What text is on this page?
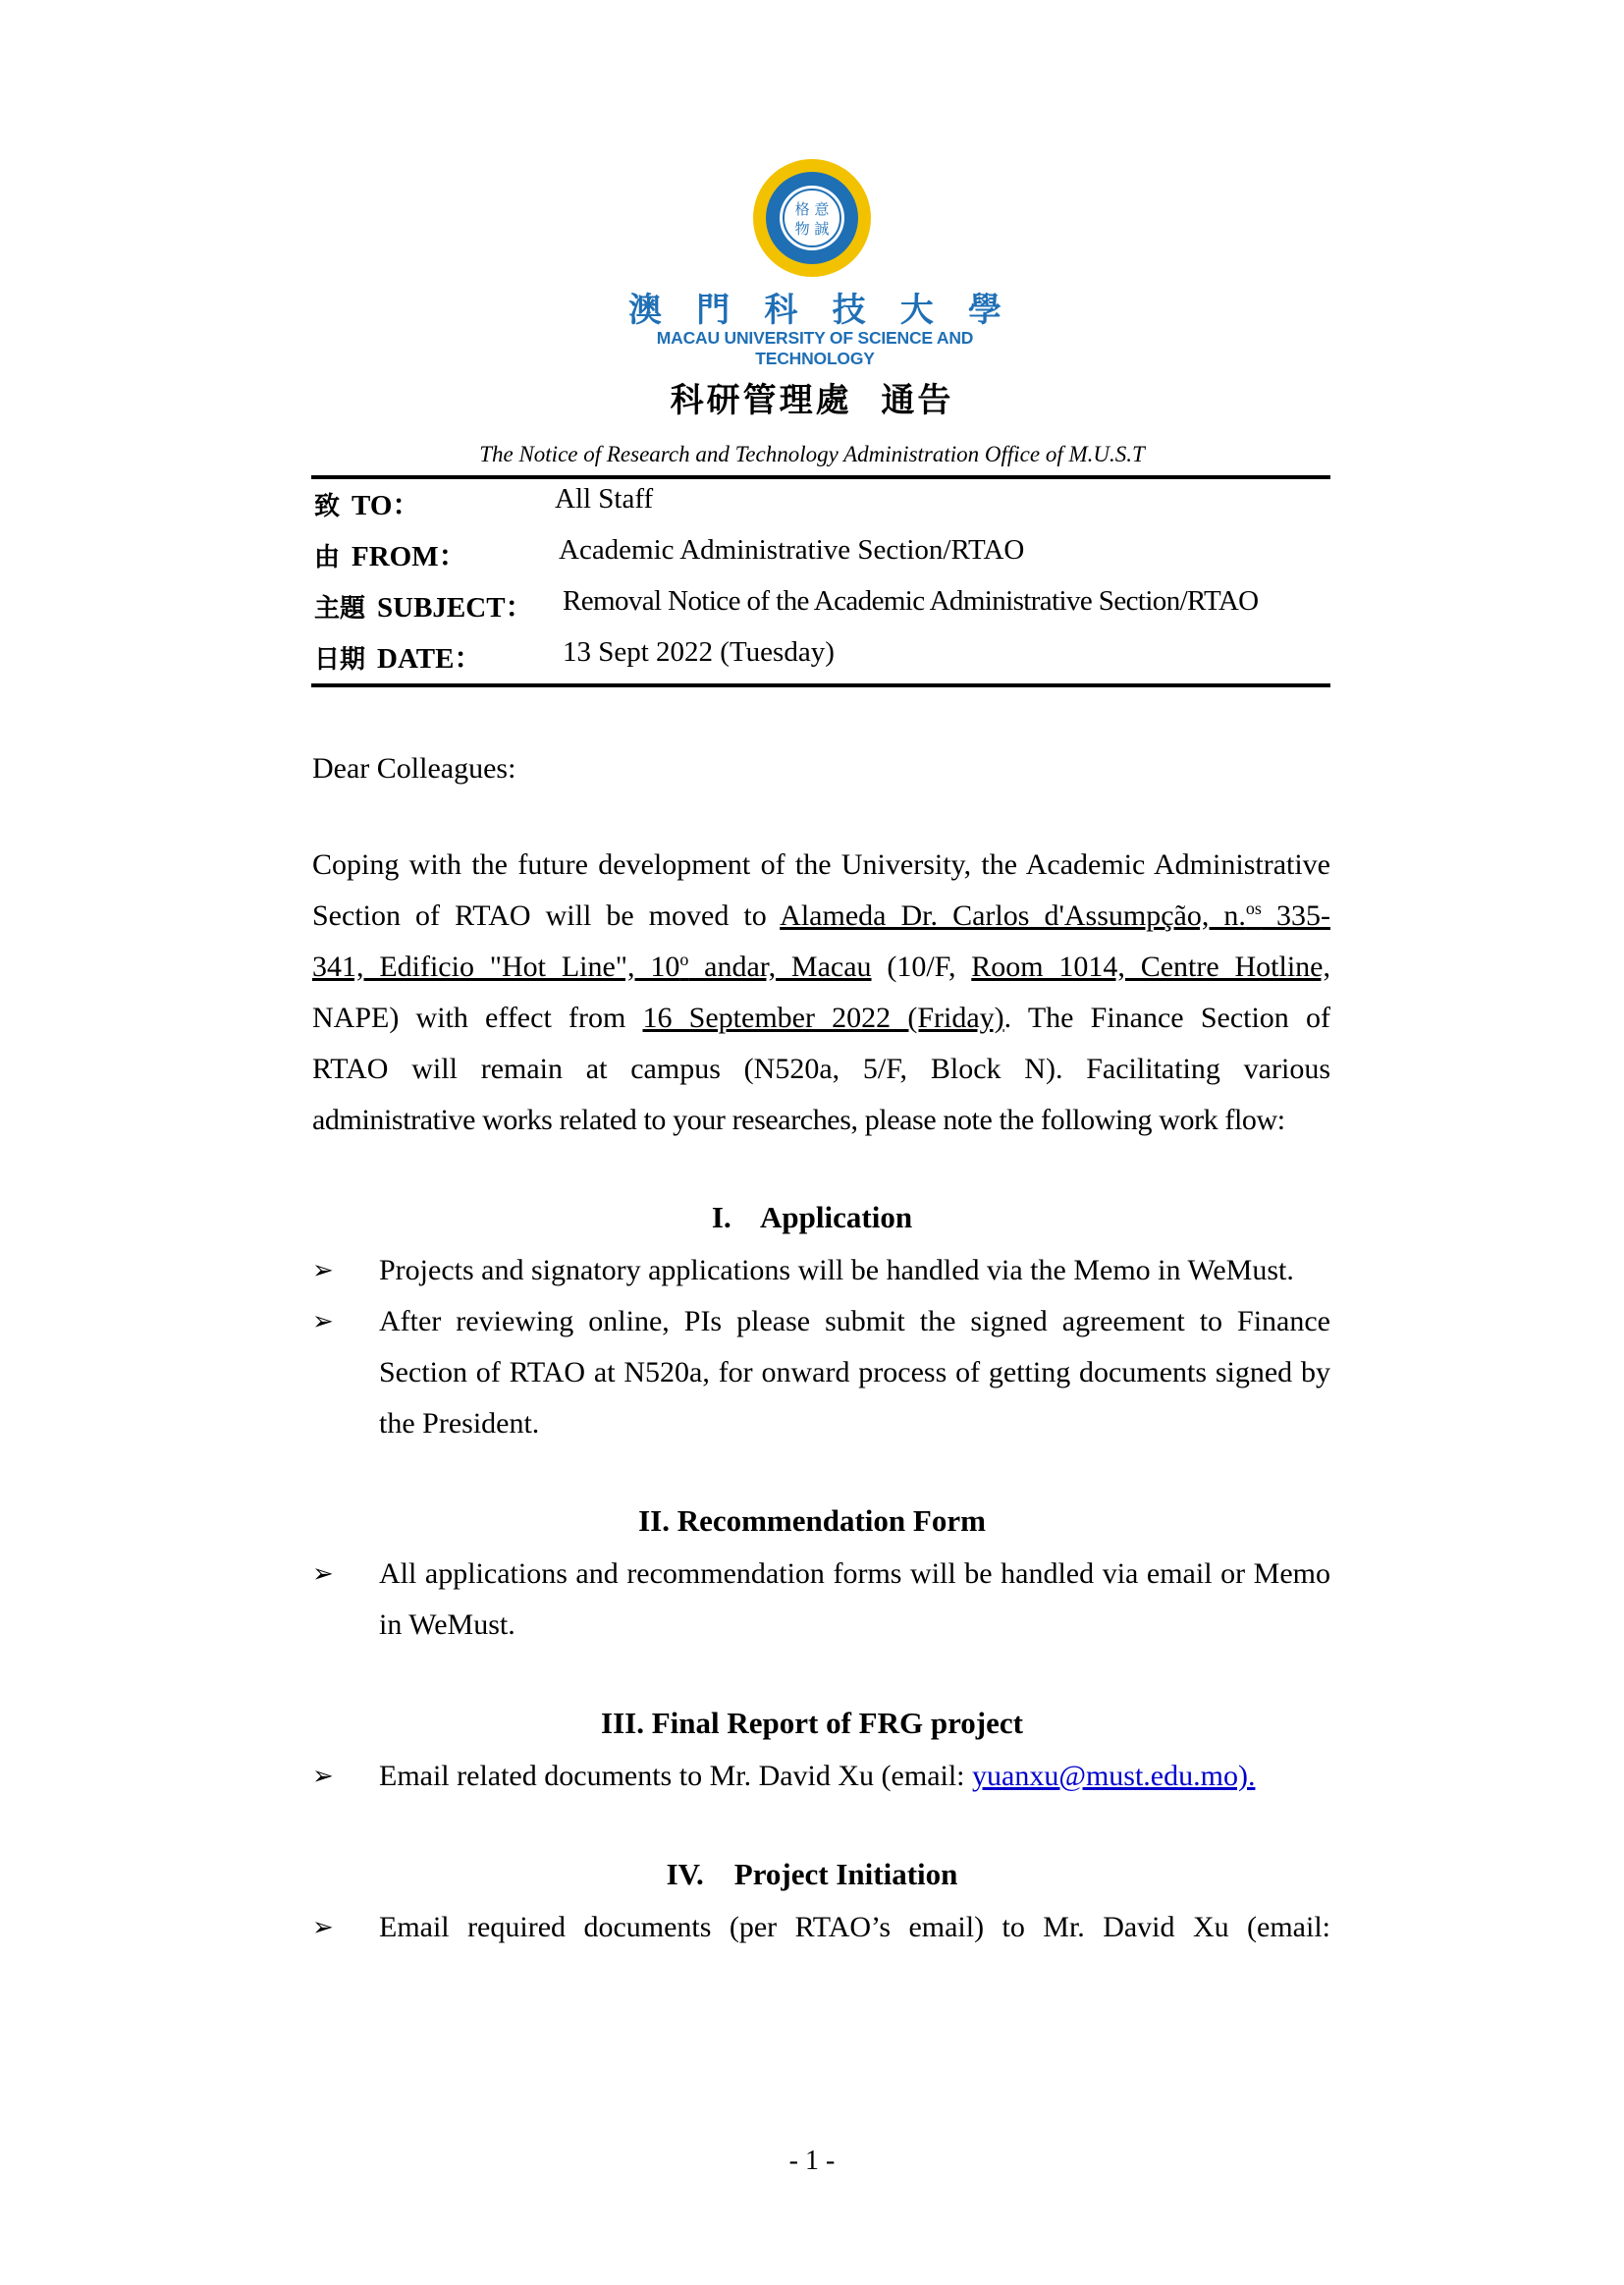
格 意
物 誠
澳 門 科 技 大 學
MACAU UNIVERSITY OF SCIENCE AND TECHNOLOGY
科研管理處  通告
The Notice of Research and Technology Administration Office of M.U.S.T
致 TO：	All Staff
由 FROM：	Academic Administrative Section/RTAO
主題 SUBJECT： Removal Notice of the Academic Administrative Section/RTAO
日期 DATE：	13 Sept 2022 (Tuesday)
Dear Colleagues:
Coping with the future development of the University, the Academic Administrative
Section of RTAO will be moved to Alameda Dr. Carlos d'Assumpção, n.$^{os}$ 335-
341, Edificio "Hot Line", 10$^o$ andar, Macau (10/F, Room 1014, Centre Hotline,
NAPE) with effect from 16 September 2022 (Friday). The Finance Section of
RTAO will remain at campus (N520a, 5/F, Block N). Facilitating various
administrative works related to your researches, please note the following work flow:
I.    Application
➢ Projects and signatory applications will be handled via the Memo in WeMust.
➢ After reviewing online, PIs please submit the signed agreement to Finance Section of RTAO at N520a, for onward process of getting documents signed by the President.
II. Recommendation Form
➢ All applications and recommendation forms will be handled via email or Memo in WeMust.
III. Final Report of FRG project
➢ Email related documents to Mr. David Xu (email: yuanxu@must.edu.mo).
IV.    Project Initiation
➢ Email required documents (per RTAO’s email) to Mr. David Xu (email:
- 1 -
